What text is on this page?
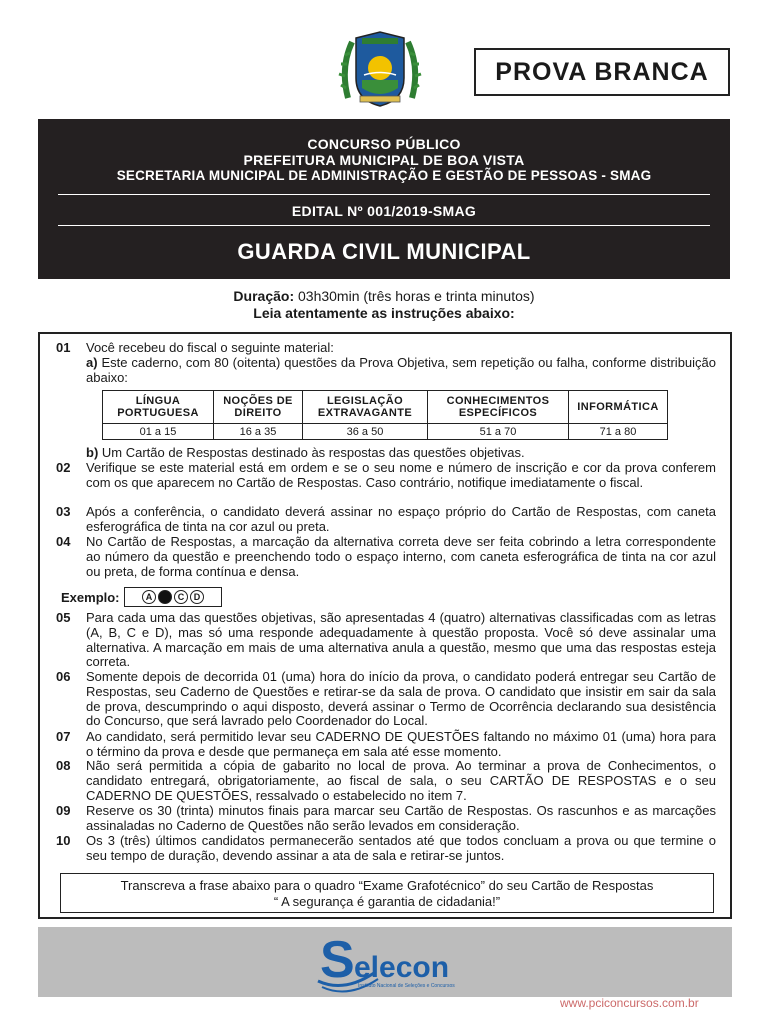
PROVA BRANCA
CONCURSO PÚBLICO
PREFEITURA MUNICIPAL DE BOA VISTA
SECRETARIA MUNICIPAL DE ADMINISTRAÇÃO E GESTÃO DE PESSOAS - SMAG
EDITAL Nº 001/2019-SMAG
GUARDA CIVIL MUNICIPAL
Duração: 03h30min (três horas e trinta minutos)
Leia atentamente as instruções abaixo:
01 Você recebeu do fiscal o seguinte material:
a) Este caderno, com 80 (oitenta) questões da Prova Objetiva, sem repetição ou falha, conforme distribuição abaixo:
LÍNGUA PORTUGUESA	NOÇÕES DE DIREITO	LEGISLAÇÃO EXTRAVAGANTE	CONHECIMENTOS ESPECÍFICOS	INFORMÁTICA
01 a 15	16 a 35	36 a 50	51 a 70	71 a 80
b) Um Cartão de Respostas destinado às respostas das questões objetivas.
02 Verifique se este material está em ordem e se o seu nome e número de inscrição e cor da prova conferem com os que aparecem no Cartão de Respostas. Caso contrário, notifique imediatamente o fiscal.
03 Após a conferência, o candidato deverá assinar no espaço próprio do Cartão de Respostas, com caneta esferográfica de tinta na cor azul ou preta.
04 No Cartão de Respostas, a marcação da alternativa correta deve ser feita cobrindo a letra correspondente ao número da questão e preenchendo todo o espaço interno, com caneta esferográfica de tinta na cor azul ou preta, de forma contínua e densa.
Exemplo:	A	C	D
05 Para cada uma das questões objetivas, são apresentadas 4 (quatro) alternativas classificadas com as letras (A, B, C e D), mas só uma responde adequadamente à questão proposta. Você só deve assinalar uma alternativa. A marcação em mais de uma alternativa anula a questão, mesmo que uma das respostas esteja correta.
06 Somente depois de decorrida 01 (uma) hora do início da prova, o candidato poderá entregar seu Cartão de Respostas, seu Caderno de Questões e retirar-se da sala de prova. O candidato que insistir em sair da sala de prova, descumprindo o aqui disposto, deverá assinar o Termo de Ocorrência declarando sua desistência do Concurso, que será lavrado pelo Coordenador do Local.
07 Ao candidato, será permitido levar seu CADERNO DE QUESTÕES faltando no máximo 01 (uma) hora para o término da prova e desde que permaneça em sala até esse momento.
08 Não será permitida a cópia de gabarito no local de prova. Ao terminar a prova de Conhecimentos, o candidato entregará, obrigatoriamente, ao fiscal de sala, o seu CARTÃO DE RESPOSTAS e o seu CADERNO DE QUESTÕES, ressalvado o estabelecido no item 7.
09 Reserve os 30 (trinta) minutos finais para marcar seu Cartão de Respostas. Os rascunhos e as marcações assinaladas no Caderno de Questões não serão levados em consideração.
10 Os 3 (três) últimos candidatos permanecerão sentados até que todos concluam a prova ou que termine o seu tempo de duração, devendo assinar a ata de sala e retirar-se juntos.
Transcreva a frase abaixo para o quadro “Exame Grafotécnico” do seu Cartão de Respostas
“ A segurança é garantia de cidadania!”
S elecon
Instituto Nacional de Seleções e Concursos
www.pciconcursos.com.br
